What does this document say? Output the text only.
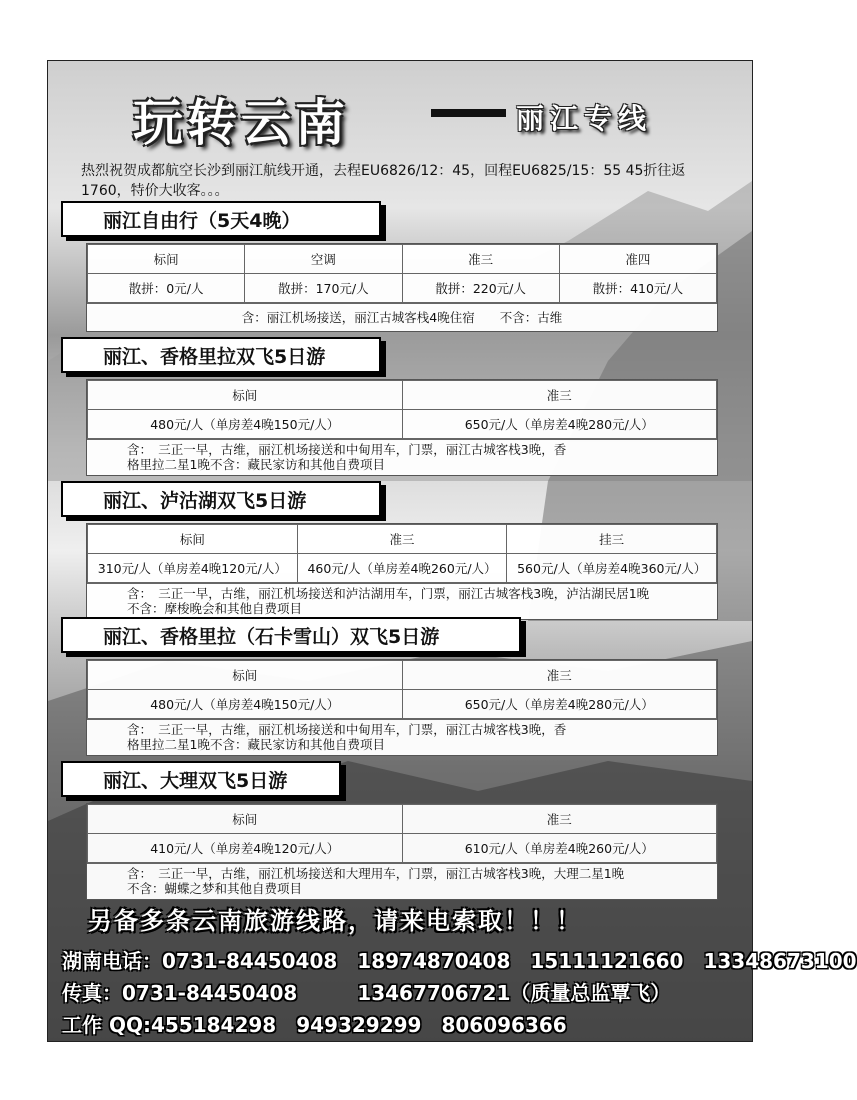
玩转云南	丽江专线
热烈祝贺成都航空长沙到丽江航线开通，去程EU6826/12：45，回程EU6825/15：55 45折往返1760，特价大收客。。。
丽江自由行（5天4晚）
标间	空调	准三	准四
散拼：0元/人	散拼：170元/人	散拼：220元/人	散拼：410元/人
含：丽江机场接送，丽江古城客栈4晚住宿　　不含：古维
丽江、香格里拉双飞5日游
标间	准三
480元/人（单房差4晚150元/人）	650元/人（单房差4晚280元/人）
含：　三正一早，古维，丽江机场接送和中甸用车，门票，丽江古城客栈3晚，香
格里拉二星1晚不含：藏民家访和其他自费项目
丽江、泸沽湖双飞5日游
标间	准三	挂三
310元/人（单房差4晚120元/人）	460元/人（单房差4晚260元/人）	560元/人（单房差4晚360元/人）
含：　三正一早，古维，丽江机场接送和泸沽湖用车，门票，丽江古城客栈3晚，泸沽湖民居1晚
不含：摩梭晚会和其他自费项目
丽江、香格里拉（石卡雪山）双飞5日游
标间	准三
480元/人（单房差4晚150元/人）	650元/人（单房差4晚280元/人）
含：　三正一早，古维，丽江机场接送和中甸用车，门票，丽江古城客栈3晚，香
格里拉二星1晚不含：藏民家访和其他自费项目
丽江、大理双飞5日游
标间	准三
410元/人（单房差4晚120元/人）	610元/人（单房差4晚260元/人）
含：　三正一早，古维，丽江机场接送和大理用车，门票，丽江古城客栈3晚，大理二星1晚
不含：蝴蝶之梦和其他自费项目
另备多条云南旅游线路，请来电索取！！！
湖南电话：0731-84450408　18974870408　15111121660　13348673100
传真：0731-84450408　　　13467706721（质量总监覃飞）
工作 QQ:455184298　949329299　806096366
